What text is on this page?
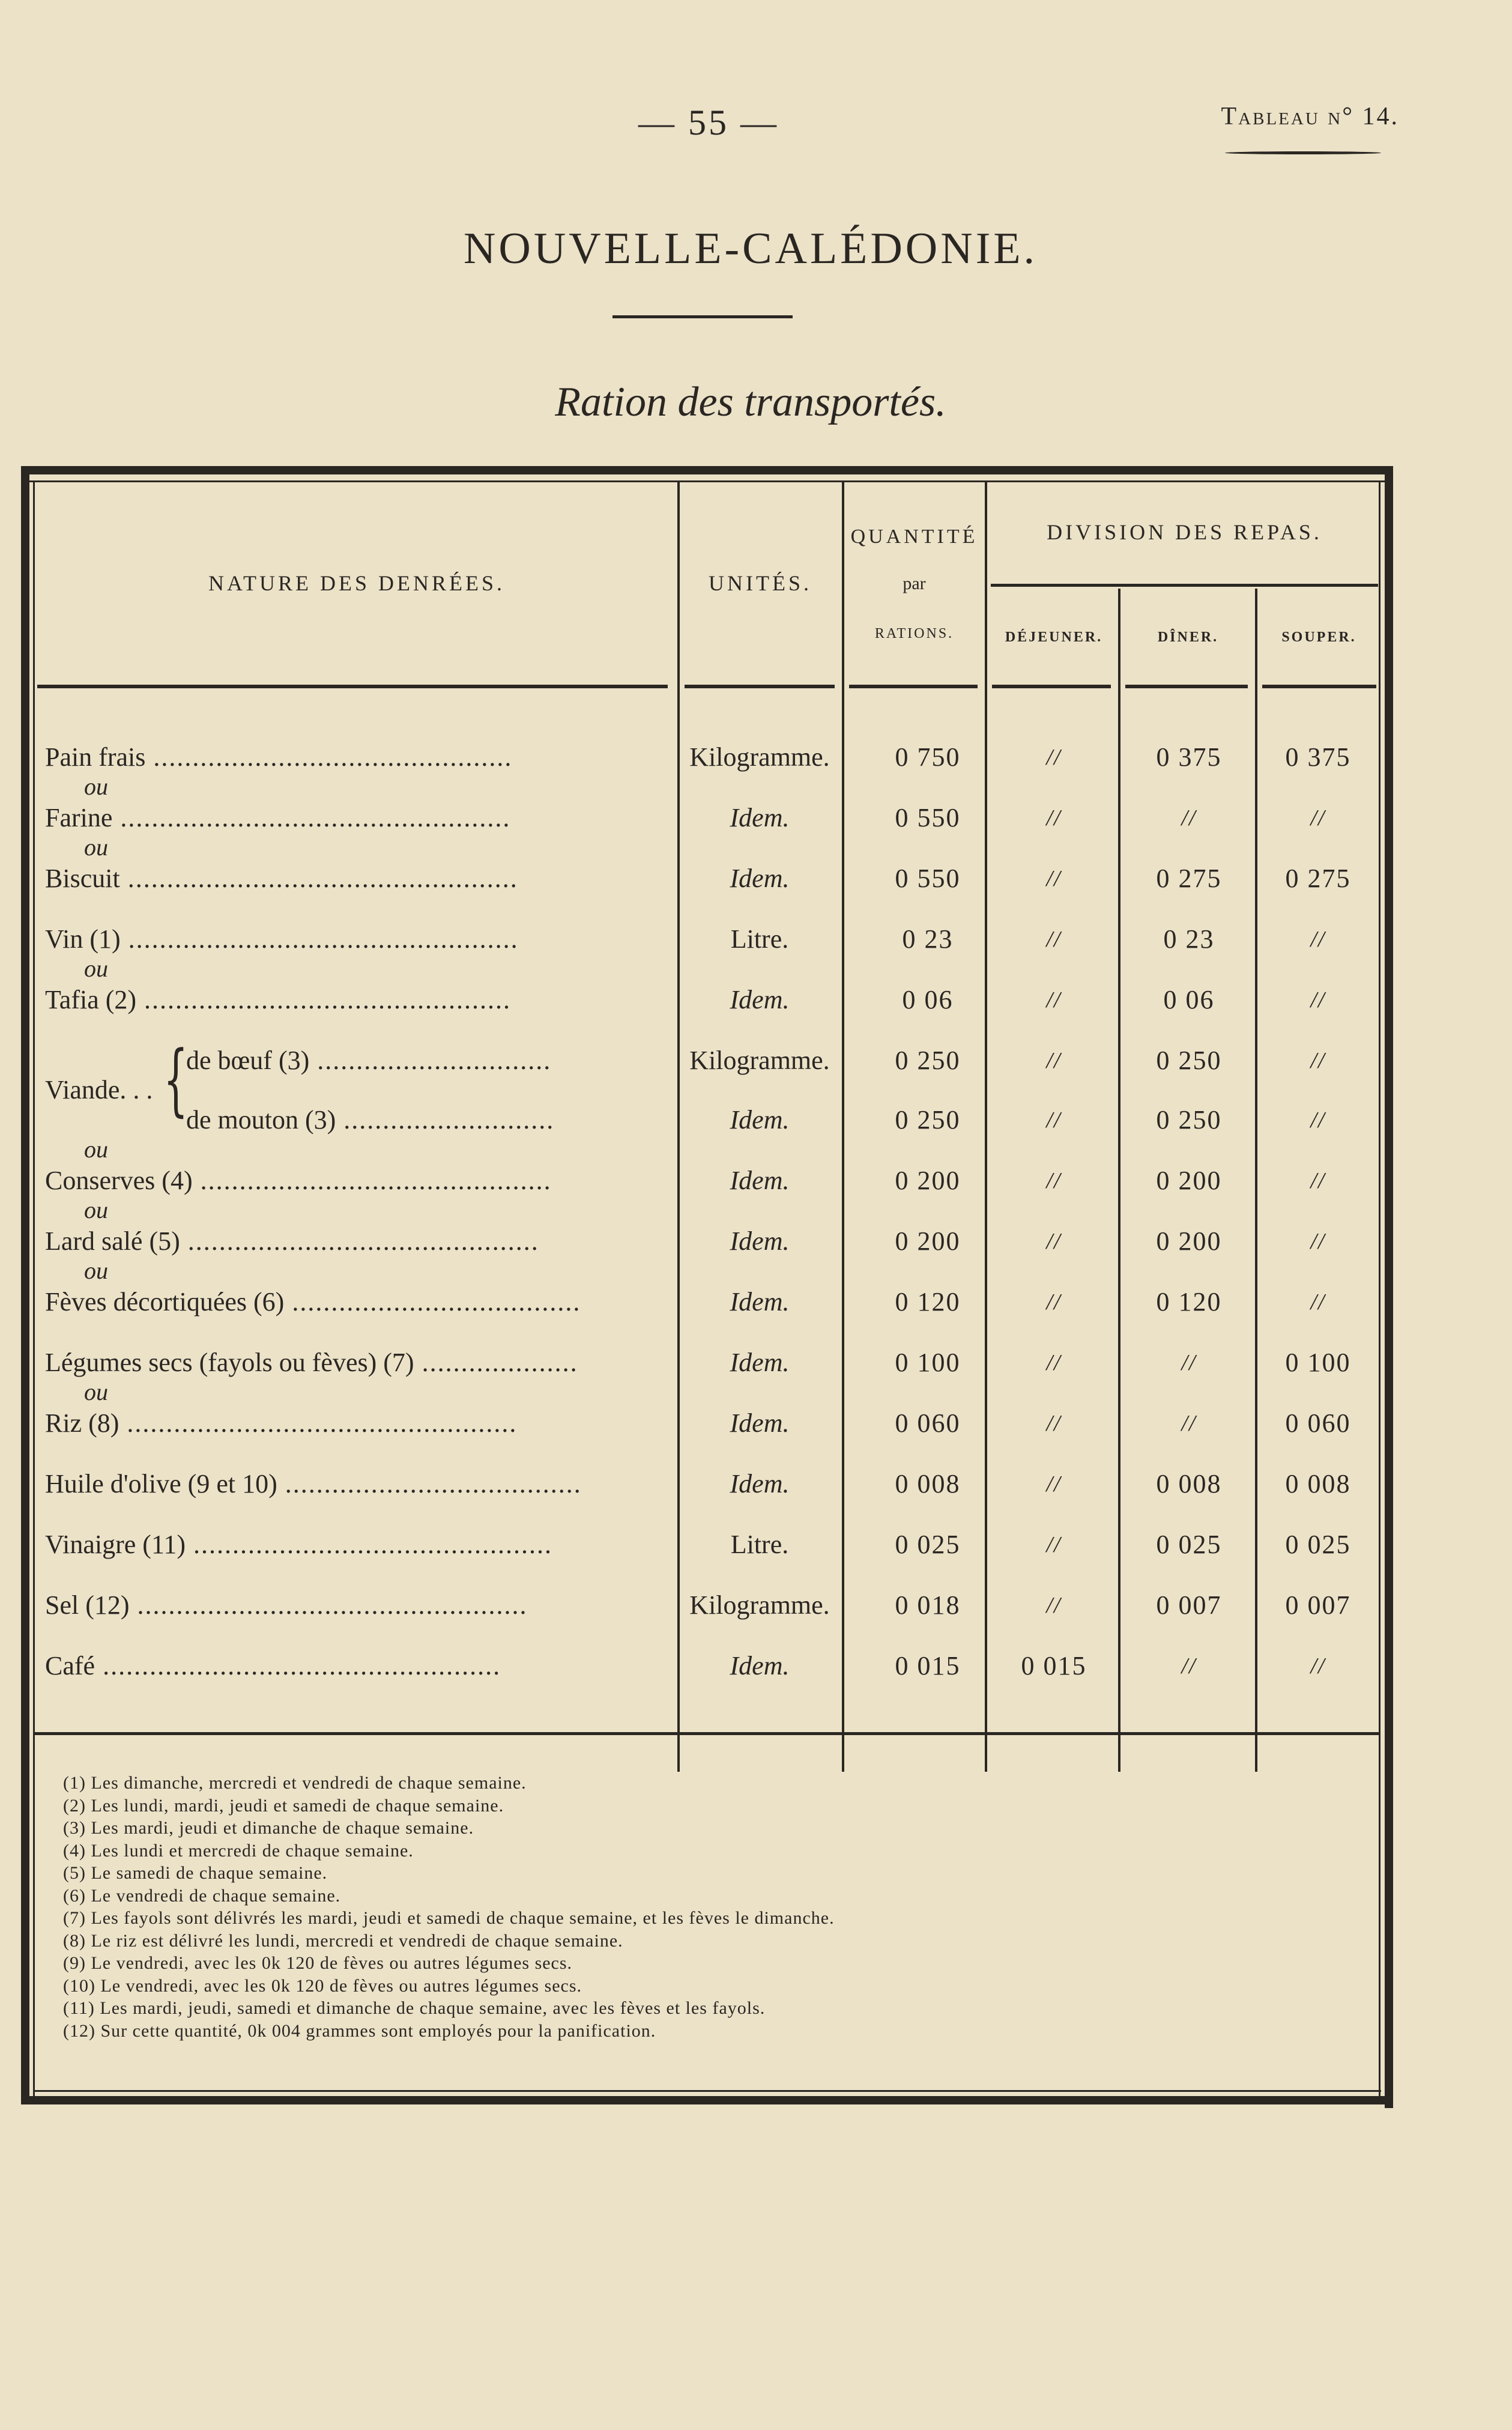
— 55 —	Tableau n° 14.
NOUVELLE-CALÉDONIE.
Ration des transportés.
NATURE DES DENRÉES.	UNITÉS.
QUANTITÉ
par
RATIONS.
DIVISION DES REPAS.
DÉJEUNER.	DÎNER.	SOUPER.
Pain frais ..............................................	Kilogramme.	0 750	//	0 375	0 375
ou
Farine ..................................................	Idem.	0 550	//	//	//
ou
Biscuit ..................................................	Idem.	0 550	//	0 275	0 275
Vin (1) ..................................................	Litre.	0 23	//	0 23	//
ou
Tafia (2) ...............................................	Idem.	0 06	//	0 06	//
Viande. . . {
de bœuf (3) ..............................	Kilogramme.	0 250	//	0 250	//
de mouton (3) ...........................	Idem.	0 250	//	0 250	//
ou
Conserves (4) .............................................	Idem.	0 200	//	0 200	//
ou
Lard salé (5) .............................................	Idem.	0 200	//	0 200	//
ou
Fèves décortiquées (6) .....................................	Idem.	0 120	//	0 120	//
Légumes secs (fayols ou fèves) (7) ....................	Idem.	0 100	//	//	0 100
ou
Riz (8) ..................................................	Idem.	0 060	//	//	0 060
Huile d'olive (9 et 10) ......................................	Idem.	0 008	//	0 008	0 008
Vinaigre (11) ..............................................	Litre.	0 025	//	0 025	0 025
Sel (12) ..................................................	Kilogramme.	0 018	//	0 007	0 007
Café ...................................................	Idem.	0 015	0 015	//	//
(1) Les dimanche, mercredi et vendredi de chaque semaine.
(2) Les lundi, mardi, jeudi et samedi de chaque semaine.
(3) Les mardi, jeudi et dimanche de chaque semaine.
(4) Les lundi et mercredi de chaque semaine.
(5) Le samedi de chaque semaine.
(6) Le vendredi de chaque semaine.
(7) Les fayols sont délivrés les mardi, jeudi et samedi de chaque semaine, et les fèves le dimanche.
(8) Le riz est délivré les lundi, mercredi et vendredi de chaque semaine.
(9) Le vendredi, avec les 0k 120 de fèves ou autres légumes secs.
(10) Le vendredi, avec les 0k 120 de fèves ou autres légumes secs.
(11) Les mardi, jeudi, samedi et dimanche de chaque semaine, avec les fèves et les fayols.
(12) Sur cette quantité, 0k 004 grammes sont employés pour la panification.
